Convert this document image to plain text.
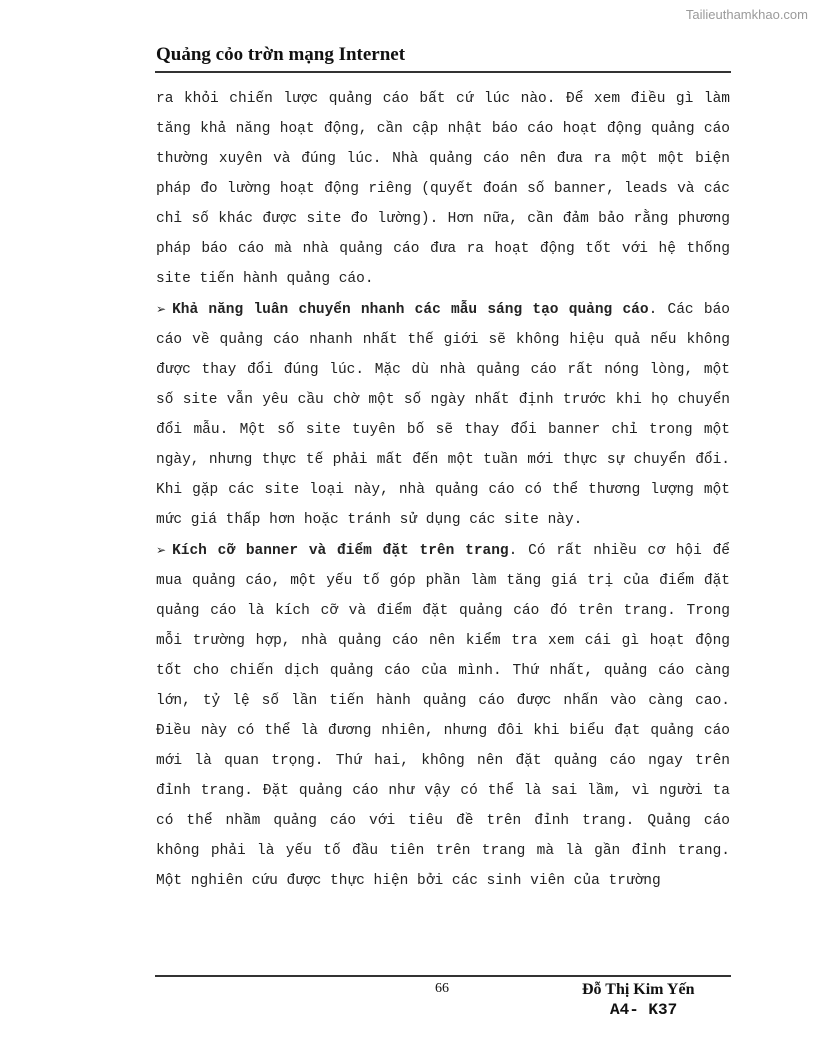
Tailieuthamkhao.com
Quảng cỏo trờn mạng Internet

ra khỏi chiến lược quảng cáo bất cứ lúc nào. Để xem điều gì làm tăng khả năng hoạt động, cần cập nhật báo cáo hoạt động quảng cáo thường xuyên và đúng lúc. Nhà quảng cáo nên đưa ra một một biện pháp đo lường hoạt động riêng (quyết đoán số banner, leads và các chỉ số khác được site đo lường). Hơn nữa, cần đảm bảo rằng phương pháp báo cáo mà nhà quảng cáo đưa ra hoạt động tốt với hệ thống site tiến hành quảng cáo.

➢ Khả năng luân chuyển nhanh các mẫu sáng tạo quảng cáo. Các báo cáo về quảng cáo nhanh nhất thế giới sẽ không hiệu quả nếu không được thay đổi đúng lúc. Mặc dù nhà quảng cáo rất nóng lòng, một số site vẫn yêu cầu chờ một số ngày nhất định trước khi họ chuyển đổi mẫu. Một số site tuyên bố sẽ thay đổi banner chỉ trong một ngày, nhưng thực tế phải mất đến một tuần mới thực sự chuyển đổi. Khi gặp các site loại này, nhà quảng cáo có thể thương lượng một mức giá thấp hơn hoặc tránh sử dụng các site này.

➢ Kích cỡ banner và điểm đặt trên trang. Có rất nhiều cơ hội để mua quảng cáo, một yếu tố góp phần làm tăng giá trị của điểm đặt quảng cáo là kích cỡ và điểm đặt quảng cáo đó trên trang. Trong mỗi trường hợp, nhà quảng cáo nên kiểm tra xem cái gì hoạt động tốt cho chiến dịch quảng cáo của mình. Thứ nhất, quảng cáo càng lớn, tỷ lệ số lần tiến hành quảng cáo được nhấn vào càng cao. Điều này có thể là đương nhiên, nhưng đôi khi biểu đạt quảng cáo mới là quan trọng. Thứ hai, không nên đặt quảng cáo ngay trên đỉnh trang. Đặt quảng cáo như vậy có thể là sai lầm, vì người ta có thể nhầm quảng cáo với tiêu đề trên đỉnh trang. Quảng cáo không phải là yếu tố đầu tiên trên trang mà là gần đỉnh trang. Một nghiên cứu được thực hiện bởi các sinh viên của trường

66	Đỗ Thị Kim Yến
A4- K37
